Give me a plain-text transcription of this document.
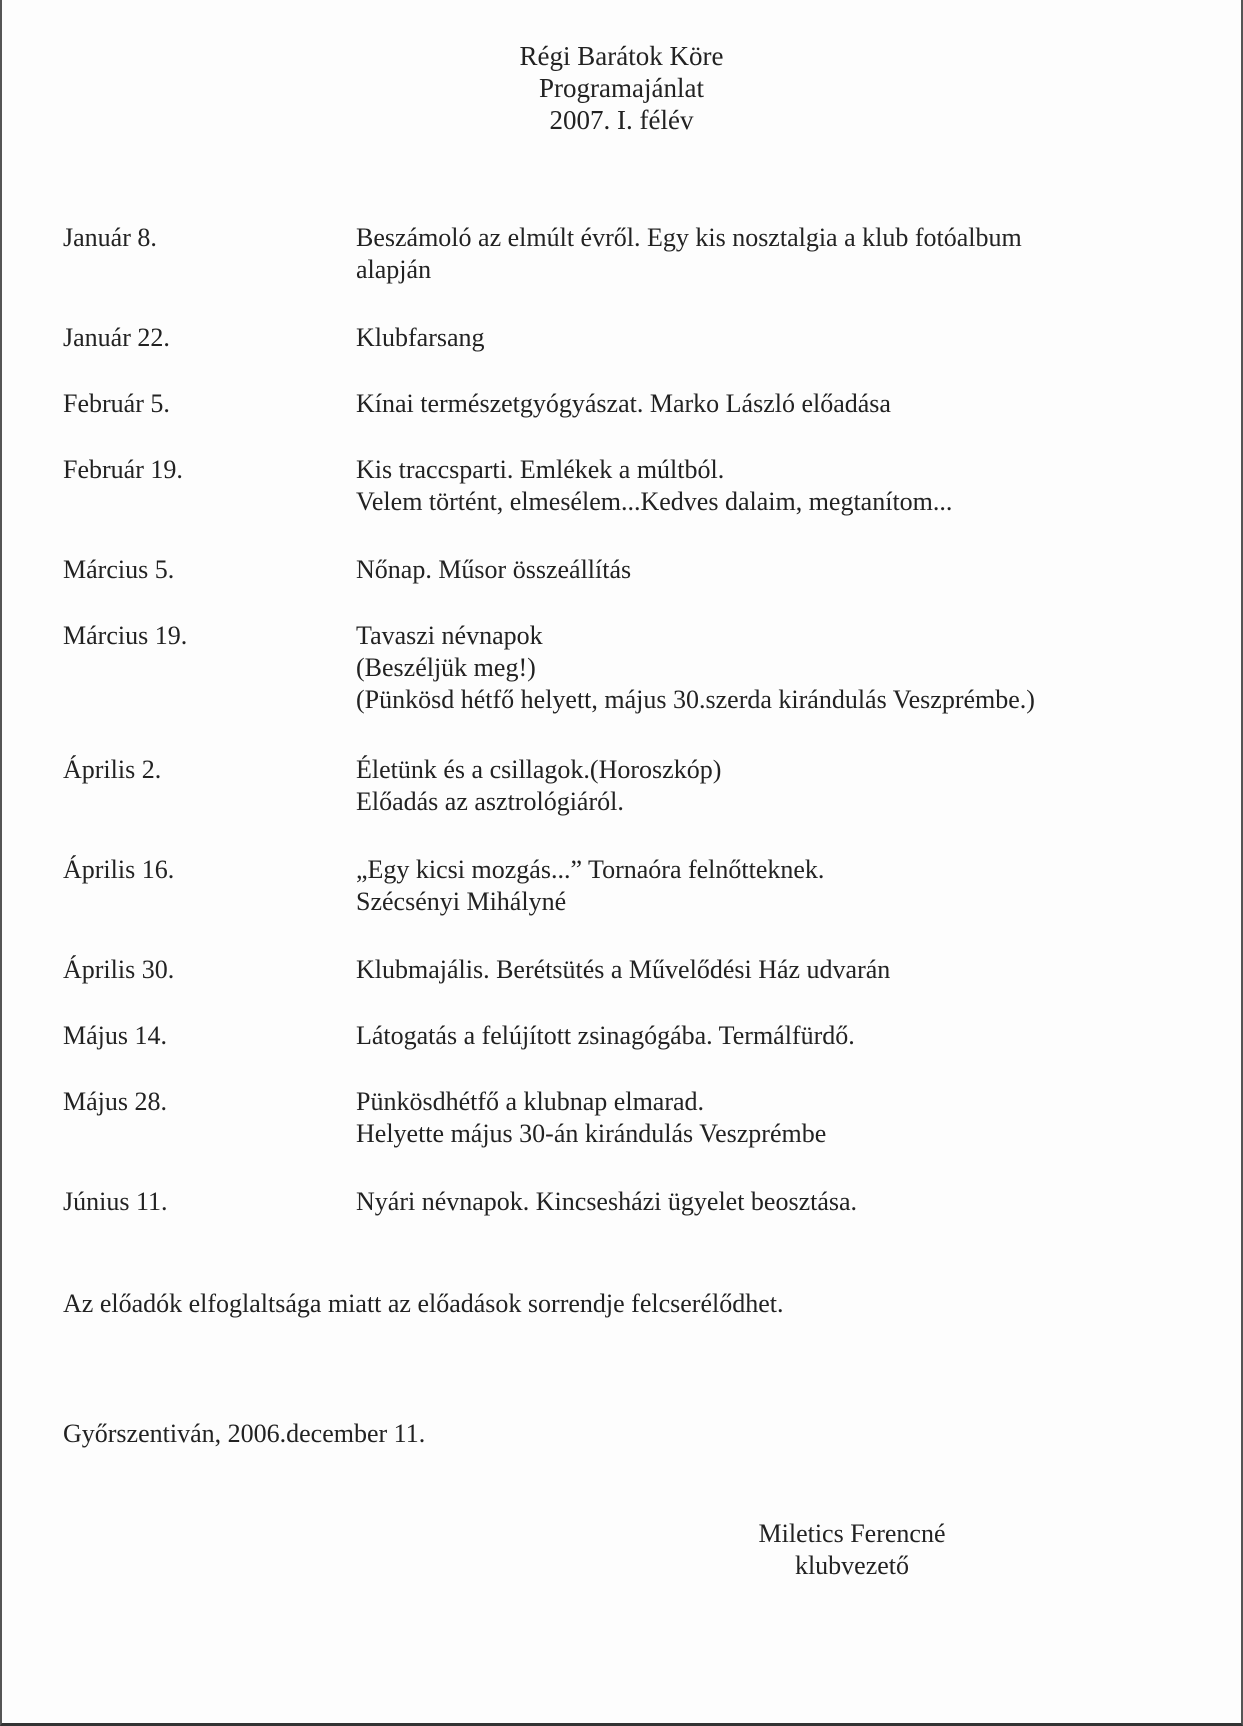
Régi Barátok Köre
Programajánlat
2007. I. félév
Január 8.	Beszámoló az elmúlt évről. Egy kis nosztalgia a klub fotóalbum
alapján
Január 22.	Klubfarsang
Február 5.	Kínai természetgyógyászat. Marko László előadása
Február 19.	Kis traccsparti. Emlékek a múltból.
Velem történt, elmesélem...Kedves dalaim, megtanítom...
Március 5.	Nőnap. Műsor összeállítás
Március 19.	Tavaszi névnapok
(Beszéljük meg!)
(Pünkösd hétfő helyett, május 30.szerda kirándulás Veszprémbe.)
Április 2.	Életünk és a csillagok.(Horoszkóp)
Előadás az asztrológiáról.
Április 16.	„Egy kicsi mozgás...” Tornaóra felnőtteknek.
Szécsényi Mihályné
Április 30.	Klubmajális. Berétsütés a Művelődési Ház udvarán
Május 14.	Látogatás a felújított zsinagógába. Termálfürdő.
Május 28.	Pünkösdhétfő a klubnap elmarad.
Helyette május 30-án kirándulás Veszprémbe
Június 11.	Nyári névnapok. Kincsesházi ügyelet beosztása.
Az előadók elfoglaltsága miatt az előadások sorrendje felcserélődhet.
Győrszentiván, 2006.december 11.
Miletics Ferencné
klubvezető
